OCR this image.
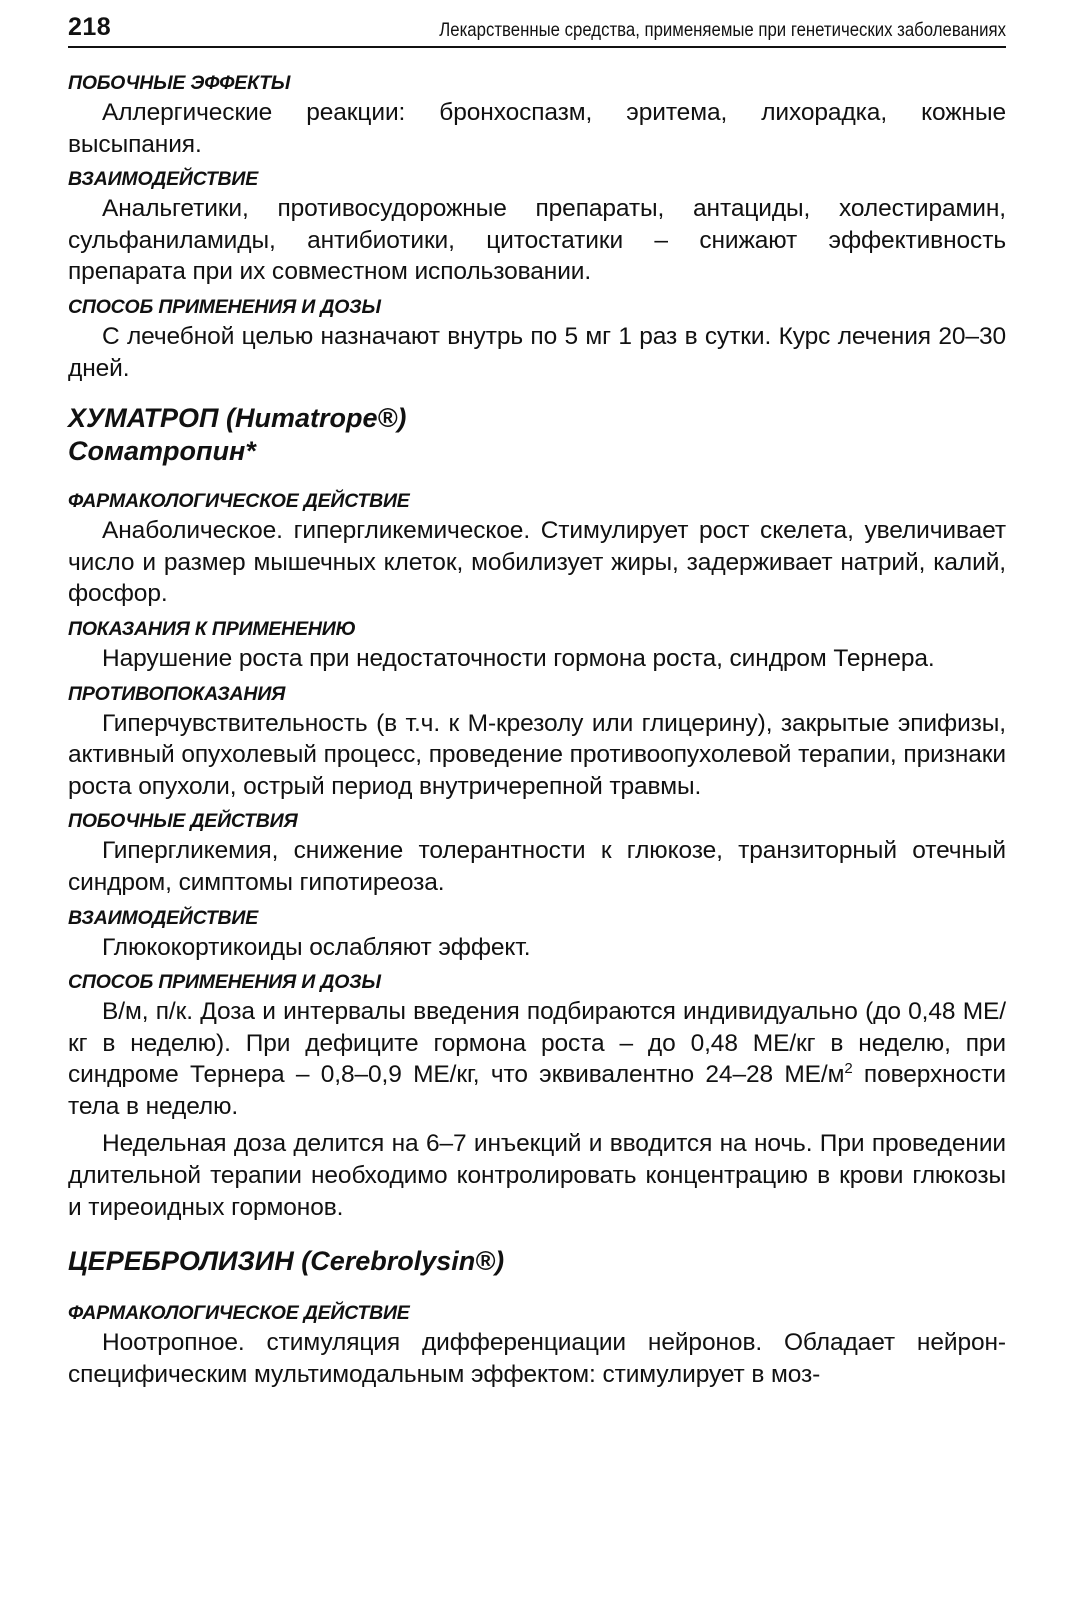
218	Лекарственные средства, применяемые при генетических заболеваниях

ПОБОЧНЫЕ ЭФФЕКТЫ

Аллергические реакции: бронхоспазм, эритема, лихорадка, кожные высыпания.

ВЗАИМОДЕЙСТВИЕ

Анальгетики, противосудорожные препараты, антациды, холестирамин, сульфаниламиды, антибиотики, цитостатики – снижают эффективность препарата при их совместном использовании.

СПОСОБ ПРИМЕНЕНИЯ И ДОЗЫ

С лечебной целью назначают внутрь по 5 мг 1 раз в сутки. Курс лечения 20–30 дней.

ХУМАТРОП (Humatrope®)

Соматропин*

ФАРМАКОЛОГИЧЕСКОЕ ДЕЙСТВИЕ

Анаболическое. гипергликемическое. Стимулирует рост скелета, увеличивает число и размер мышечных клеток, мобилизует жиры, задерживает натрий, калий, фосфор.

ПОКАЗАНИЯ К ПРИМЕНЕНИЮ

Нарушение роста при недостаточности гормона роста, синдром Тернера.

ПРОТИВОПОКАЗАНИЯ

Гиперчувствительность (в т.ч. к М-крезолу или глицерину), закрытые эпифизы, активный опухолевый процесс, проведение противоопухолевой терапии, признаки роста опухоли, острый период внутричерепной травмы.

ПОБОЧНЫЕ ДЕЙСТВИЯ

Гипергликемия, снижение толерантности к глюкозе, транзиторный отечный синдром, симптомы гипотиреоза.

ВЗАИМОДЕЙСТВИЕ

Глюкокортикоиды ослабляют эффект.

СПОСОБ ПРИМЕНЕНИЯ И ДОЗЫ

В/м, п/к. Доза и интервалы введения подбираются индивидуально (до 0,48 МЕ/кг в неделю). При дефиците гормона роста – до 0,48 МЕ/кг в неделю, при синдроме Тернера – 0,8–0,9 МЕ/кг, что эквивалентно 24–28 $МЕ/м^2$ поверхности тела в неделю.

Недельная доза делится на 6–7 инъекций и вводится на ночь. При проведении длительной терапии необходимо контролировать концентрацию в крови глюкозы и тиреоидных гормонов.

ЦЕРЕБРОЛИЗИН (Cerebrolysin®)

ФАРМАКОЛОГИЧЕСКОЕ ДЕЙСТВИЕ

Ноотропное. стимуляция дифференциации нейронов. Обладает нейрон-специфическим мультимодальным эффектом: стимулирует в моз-
